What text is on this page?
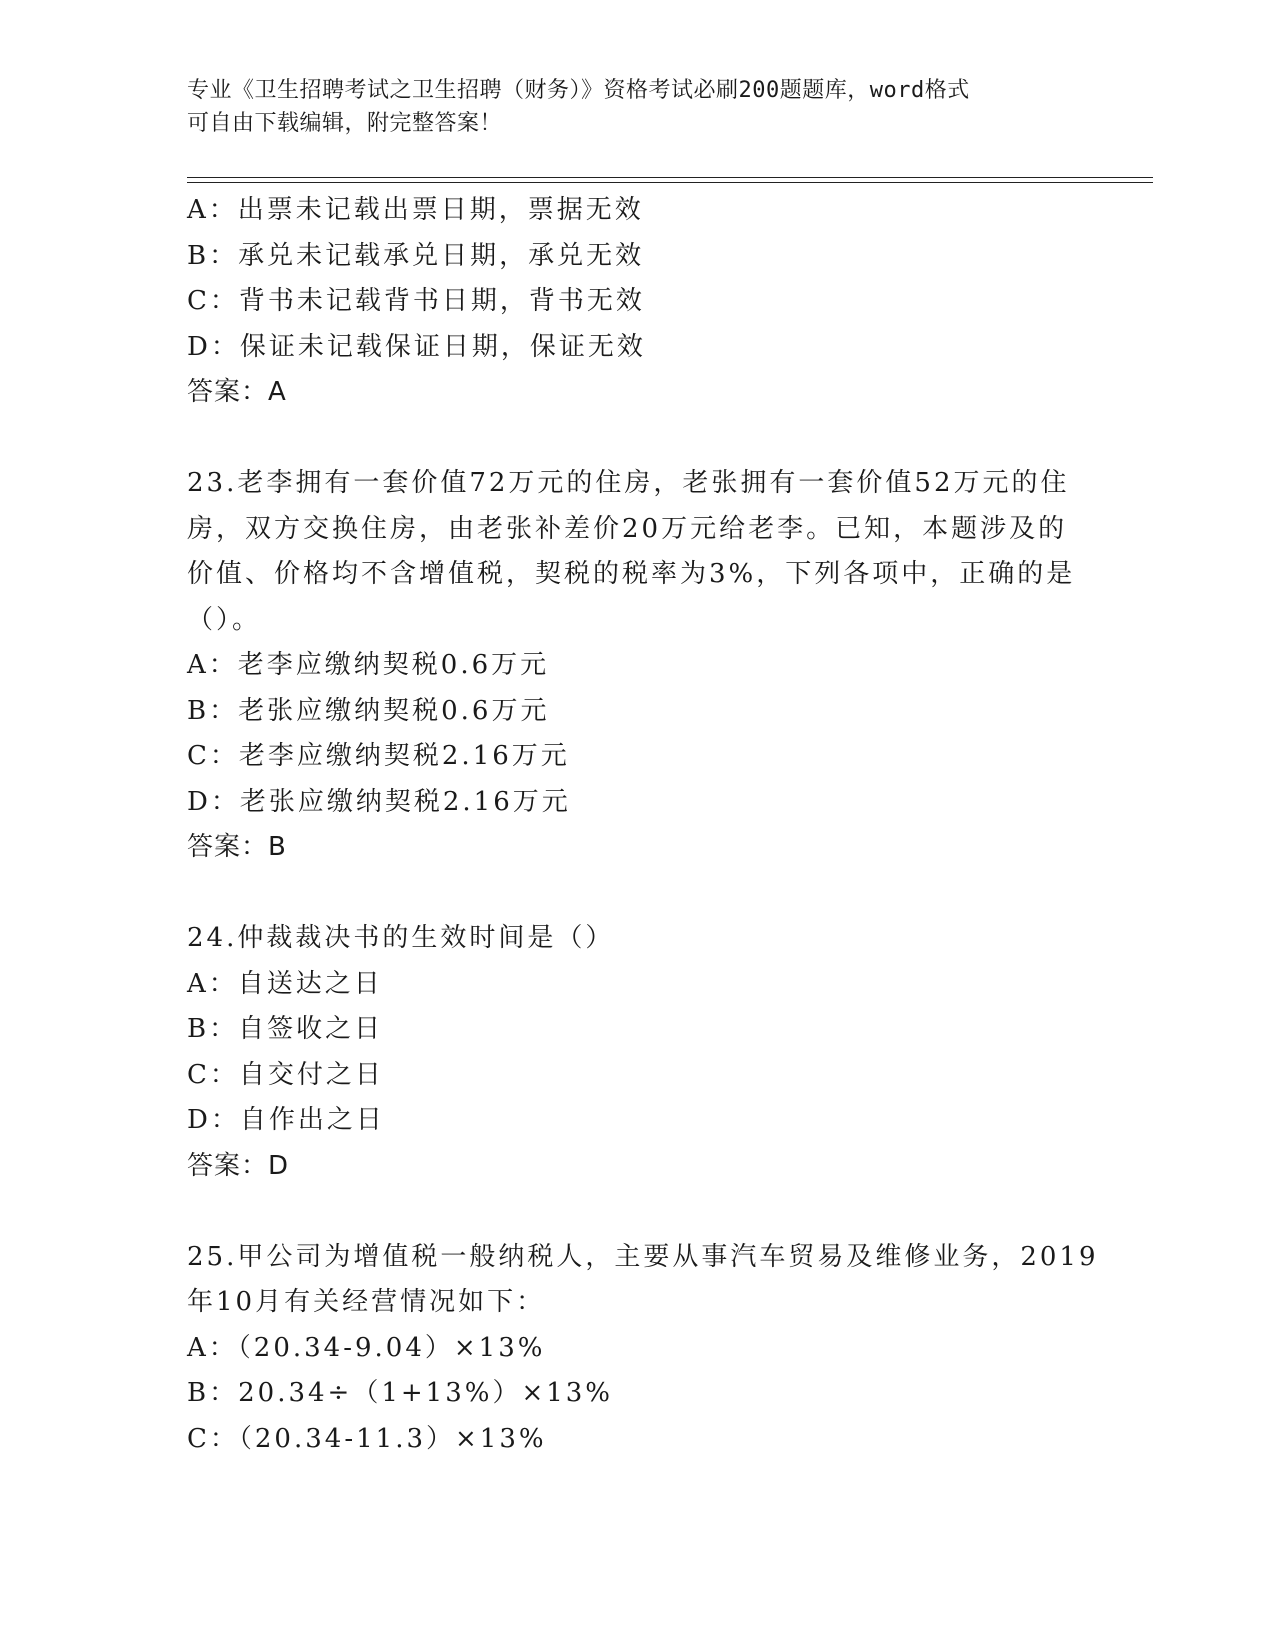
专业《卫生招聘考试之卫生招聘（财务）》资格考试必刷200题题库，word格式
可自由下载编辑，附完整答案！
A：出票未记载出票日期，票据无效
B：承兑未记载承兑日期，承兑无效
C：背书未记载背书日期，背书无效
D：保证未记载保证日期，保证无效
答案：A
23.老李拥有一套价值72万元的住房，老张拥有一套价值52万元的住
房，双方交换住房，由老张补差价20万元给老李。已知，本题涉及的
价值、价格均不含增值税，契税的税率为3%，下列各项中，正确的是
（）。
A：老李应缴纳契税0.6万元
B：老张应缴纳契税0.6万元
C：老李应缴纳契税2.16万元
D：老张应缴纳契税2.16万元
答案：B
24.仲裁裁决书的生效时间是（）
A：自送达之日
B：自签收之日
C：自交付之日
D：自作出之日
答案：D
25.甲公司为增值税一般纳税人，主要从事汽车贸易及维修业务，2019
年10月有关经营情况如下：
A：（20.34-9.04）×13%
B：20.34÷（1+13%）×13%
C：（20.34-11.3）×13%
